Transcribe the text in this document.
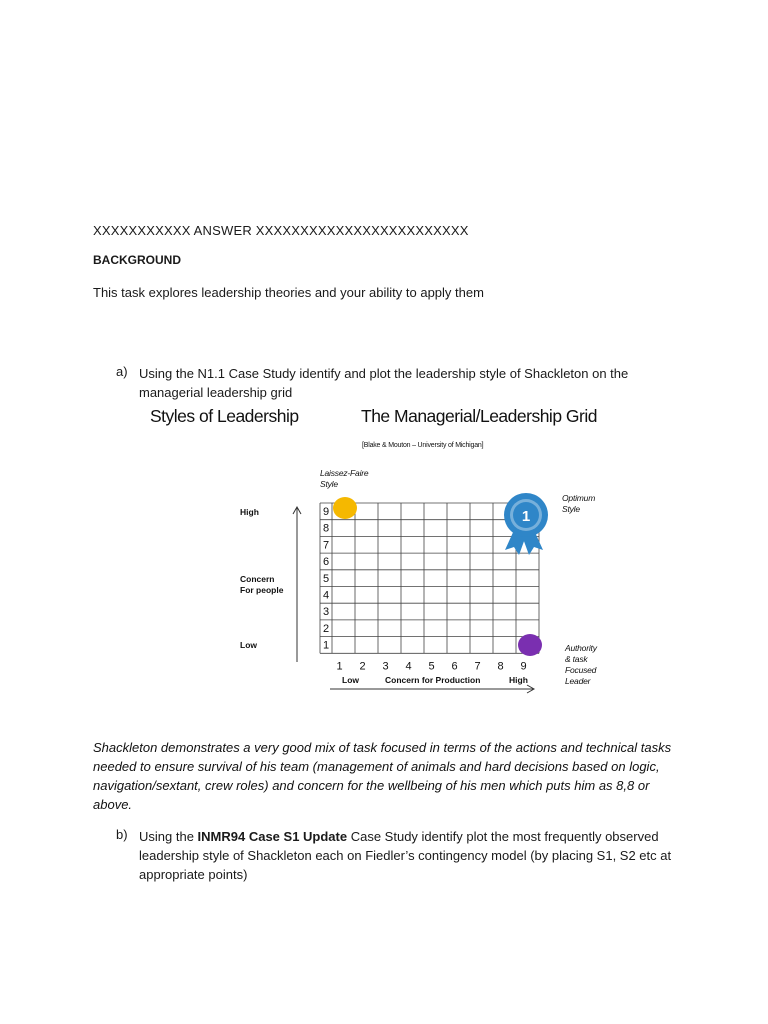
XXXXXXXXXXX ANSWER XXXXXXXXXXXXXXXXXXXXXXXX
BACKGROUND
This task explores leadership theories and your ability to apply them
a) Using the N1.1 Case Study identify and plot the leadership style of Shackleton on the managerial leadership grid
Styles of Leadership	The Managerial/Leadership Grid
[Blake & Mouton – University of Michigan]
Laissez-Faire
Style
Optimum
Style
Authority
& task
Focused
Leader
High
Concern
For people
Low
Low	Concern for Production	High
9
8
7
6
5
4
3
2
1
1 2 3 4 5 6 7 8 9
1
Shackleton demonstrates a very good mix of task focused in terms of the actions and technical tasks needed to ensure survival of his team (management of animals and hard decisions based on logic, navigation/sextant, crew roles) and concern for the wellbeing of his men which puts him as 8,8 or above.
b) Using the INMR94 Case S1 Update Case Study identify plot the most frequently observed leadership style of Shackleton each on Fiedler’s contingency model (by placing S1, S2 etc at appropriate points)
